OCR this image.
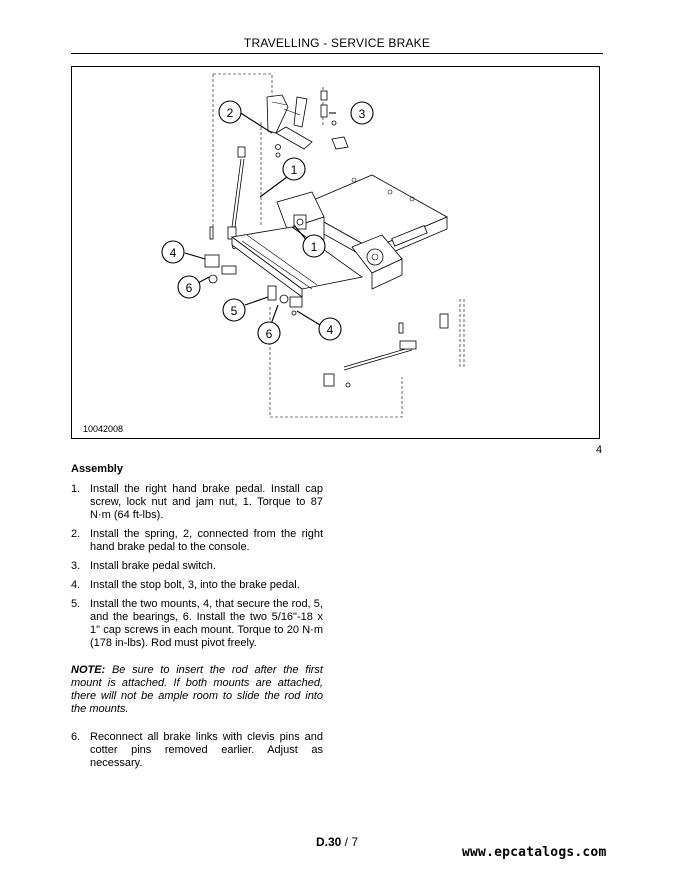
TRAVELLING - SERVICE BRAKE
2	3
1
1
4
6
5
6	4
10042008
4
Assembly
1. Install the right hand brake pedal. Install cap screw, lock nut and jam nut, 1. Torque to 87 N·m (64 ft-lbs).
2. Install the spring, 2, connected from the right hand brake pedal to the console.
3. Install brake pedal switch.
4. Install the stop bolt, 3, into the brake pedal.
5. Install the two mounts, 4, that secure the rod, 5, and the bearings, 6. Install the two 5/16"-18 x 1" cap screws in each mount. Torque to 20 N·m (178 in-lbs). Rod must pivot freely.
NOTE: Be sure to insert the rod after the first mount is attached. If both mounts are attached, there will not be ample room to slide the rod into the mounts.
6. Reconnect all brake links with clevis pins and cotter pins removed earlier. Adjust as necessary.
D.30 / 7
www.epcatalogs.com
